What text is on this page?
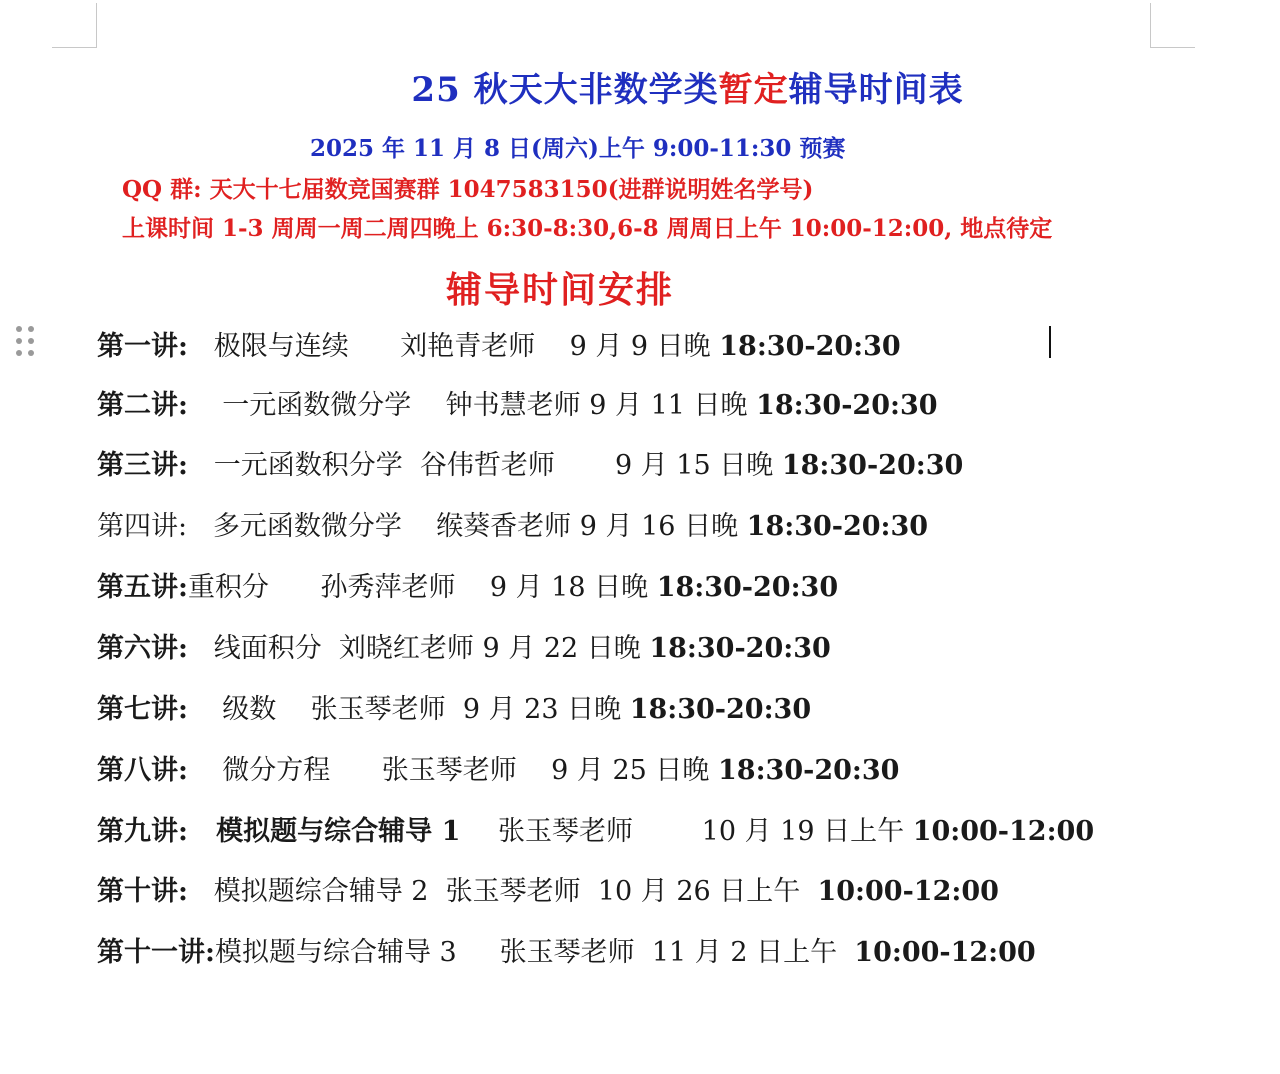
25 秋天大非数学类暂定辅导时间表
2025 年 11 月 8 日(周六)上午 9:00-11:30 预赛
QQ 群: 天大十七届数竞国赛群 1047583150(进群说明姓名学号)
上课时间 1-3 周周一周二周四晚上 6:30-8:30,6-8 周周日上午 10:00-12:00, 地点待定
辅导时间安排
第一讲:   极限与连续      刘艳青老师    9 月 9 日晚 18:30-20:30
第二讲:    一元函数微分学    钟书慧老师 9 月 11 日晚 18:30-20:30
第三讲:   一元函数积分学  谷伟哲老师       9 月 15 日晚 18:30-20:30
第四讲:   多元函数微分学    缑葵香老师 9 月 16 日晚 18:30-20:30
第五讲:重积分      孙秀萍老师    9 月 18 日晚 18:30-20:30
第六讲:   线面积分  刘晓红老师 9 月 22 日晚 18:30-20:30
第七讲:    级数    张玉琴老师  9 月 23 日晚 18:30-20:30
第八讲:    微分方程      张玉琴老师    9 月 25 日晚 18:30-20:30
第九讲:   模拟题与综合辅导 1    张玉琴老师        10 月 19 日上午 10:00-12:00
第十讲:   模拟题综合辅导 2  张玉琴老师  10 月 26 日上午  10:00-12:00
第十一讲:模拟题与综合辅导 3     张玉琴老师  11 月 2 日上午  10:00-12:00
